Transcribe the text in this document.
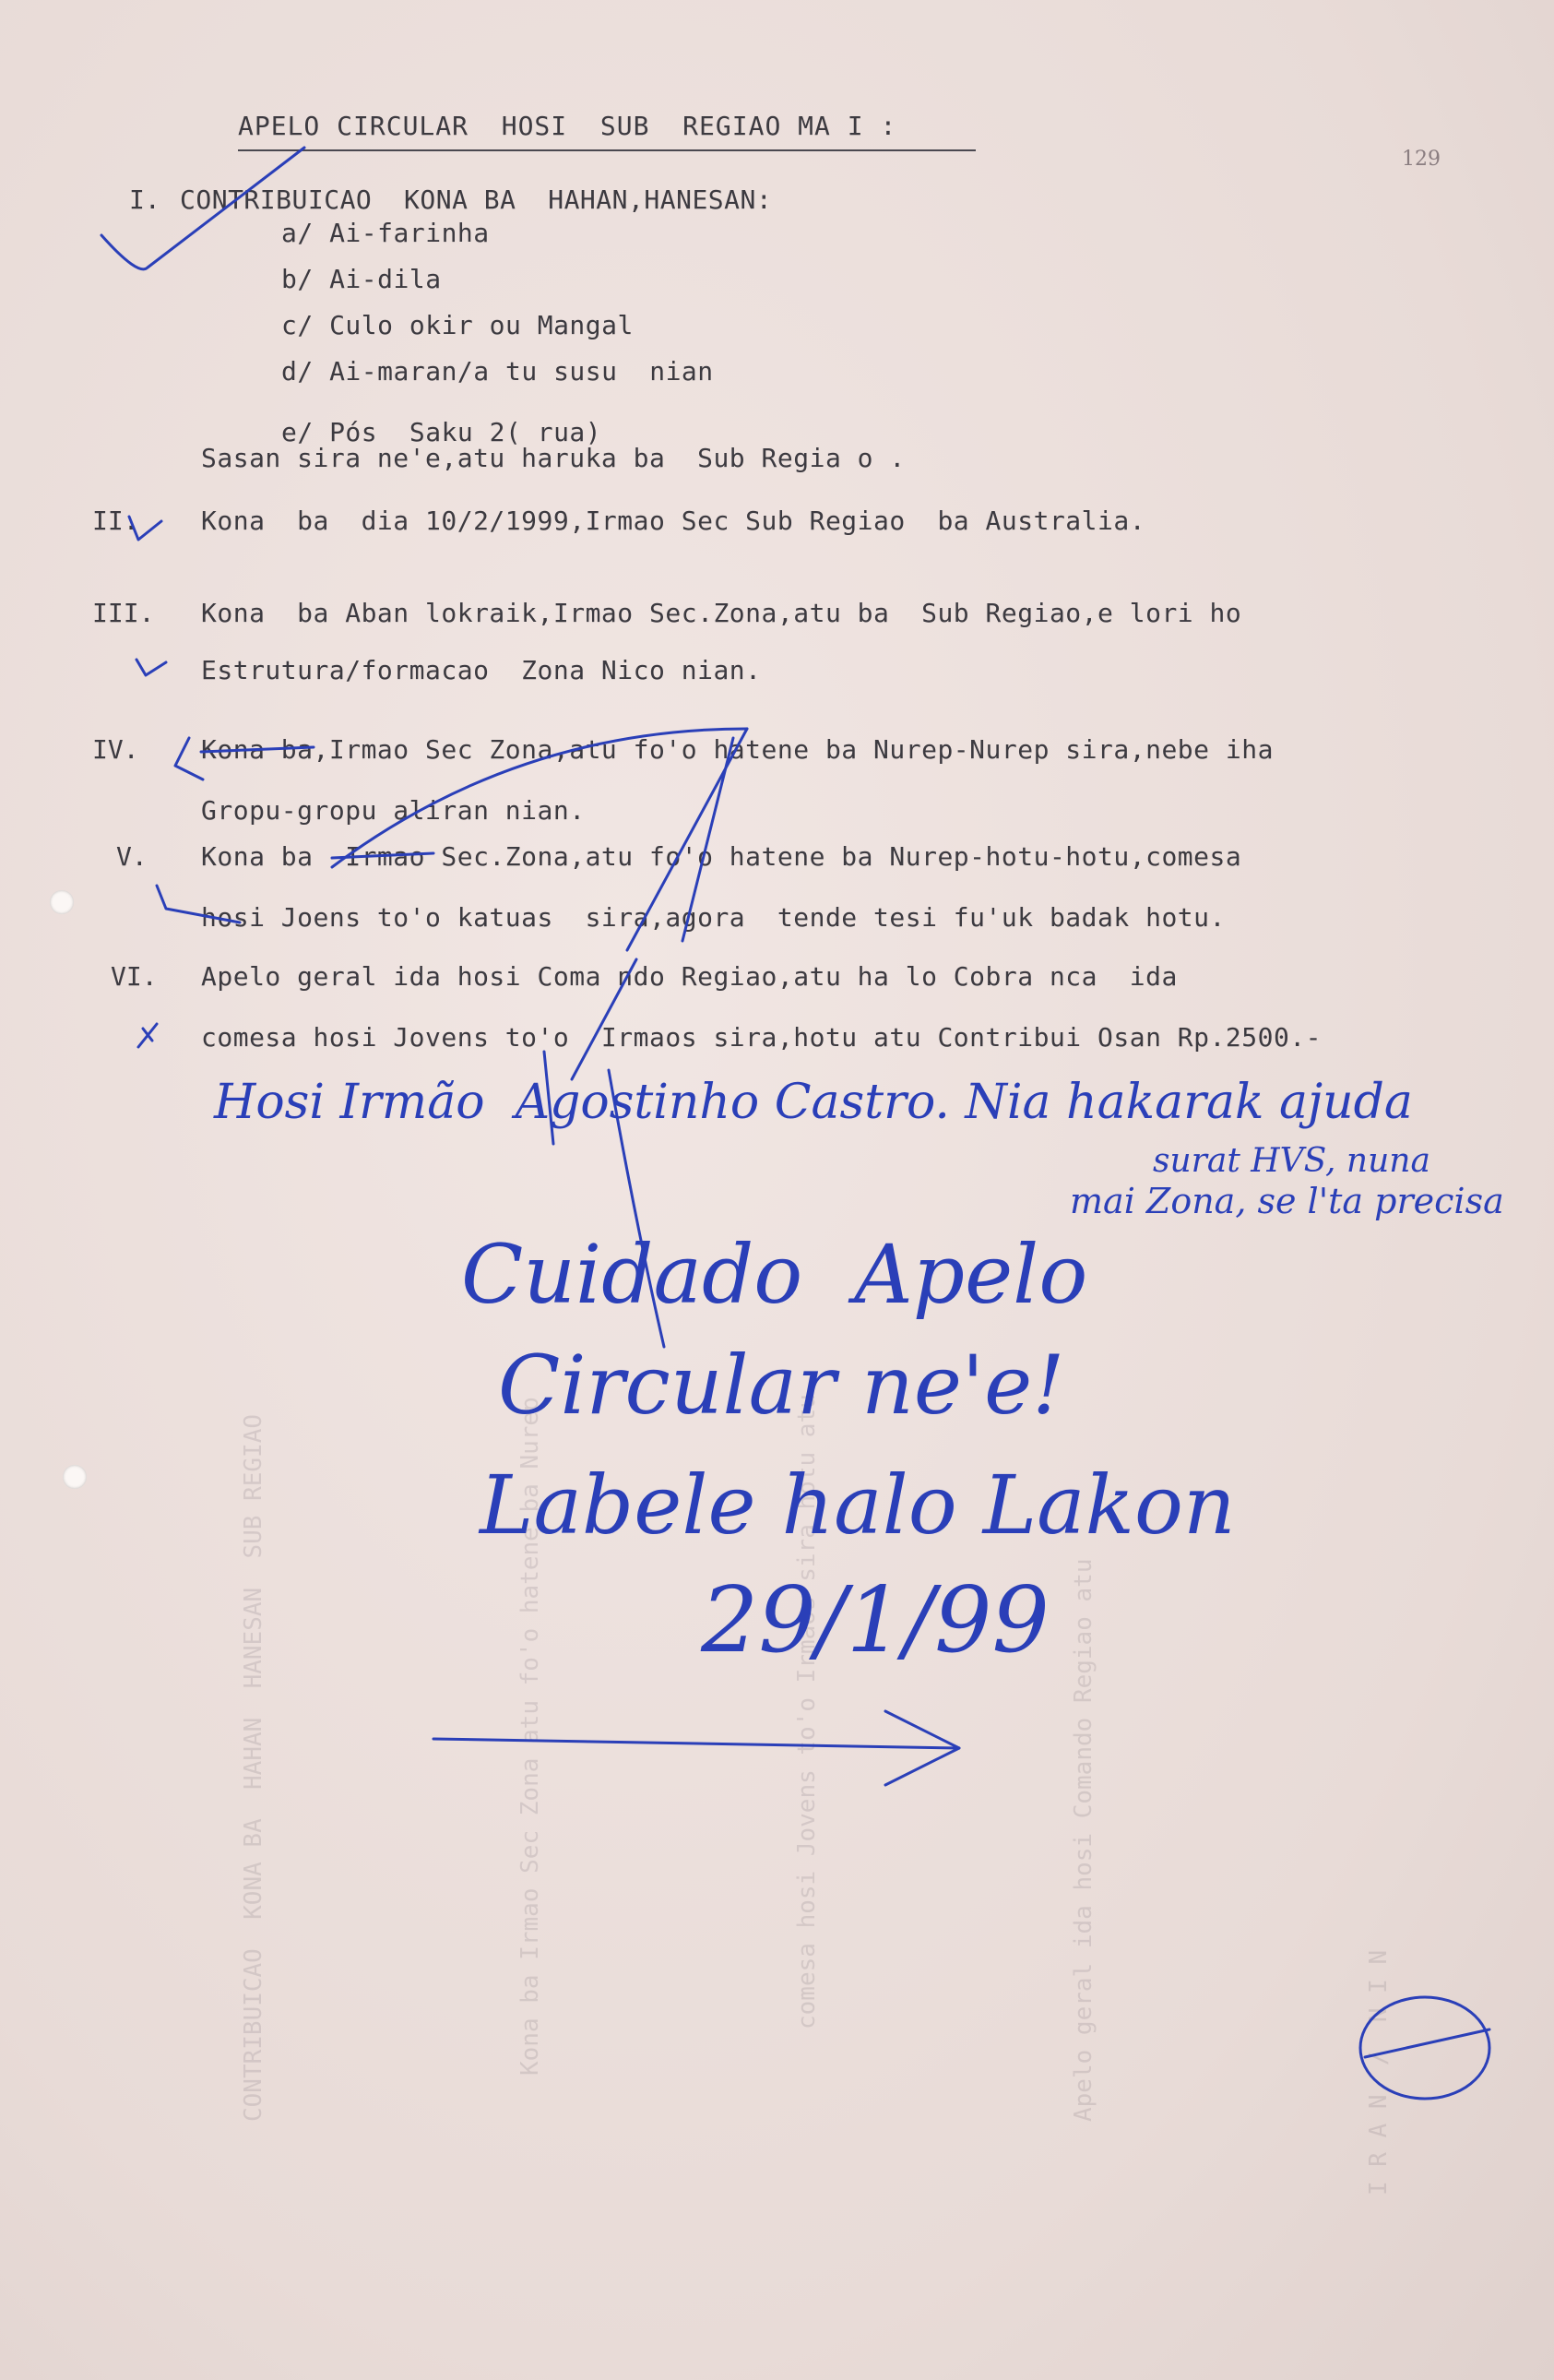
CONTRIBUICAO  KONA BA  HAHAN  HANESAN  SUB REGIAO	Kona ba Irmao Sec Zona atu fo'o hatene ba Nurep	comesa hosi Jovens to'o Irmaos sira hotu atu	Apelo geral ida hosi Comando Regiao atu	I R A N  /  N I N
129
APELO CIRCULAR  HOSI  SUB  REGIAO MA I :
I. CONTRIBUICAO  KONA BA  HAHAN,HANESAN:
a/ Ai-farinha
b/ Ai-dila
c/ Culo okir ou Mangal
d/ Ai-maran/a tu susu  nian
e/ Pós  Saku 2( rua)
Sasan sira ne'e,atu haruka ba  Sub Regia o .
II. Kona  ba  dia 10/2/1999,Irmao Sec Sub Regiao  ba Australia.
III. Kona  ba Aban lokraik,Irmao Sec.Zona,atu ba  Sub Regiao,e lori ho
Estrutura/formacao  Zona Nico nian.
IV. Kona ba,Irmao Sec Zona,atu fo'o hatene ba Nurep-Nurep sira,nebe iha
Gropu-gropu aliran nian.
V. Kona ba  Irmao Sec.Zona,atu fo'o hatene ba Nurep-hotu-hotu,comesa
hosi Joens to'o katuas  sira,agora  tende tesi fu'uk badak hotu.
VI. Apelo geral ida hosi Coma ndo Regiao,atu ha lo Cobra nca  ida
comesa hosi Jovens to'o  Irmaos sira,hotu atu Contribui Osan Rp.2500.-
Hosi Irmão  Agostinho Castro. Nia hakarak ajuda
surat HVS, nuna
mai Zona, se l'ta precisa
Cuidado  Apelo
Circular ne'e!
Labele halo Lakon
29/1/99
